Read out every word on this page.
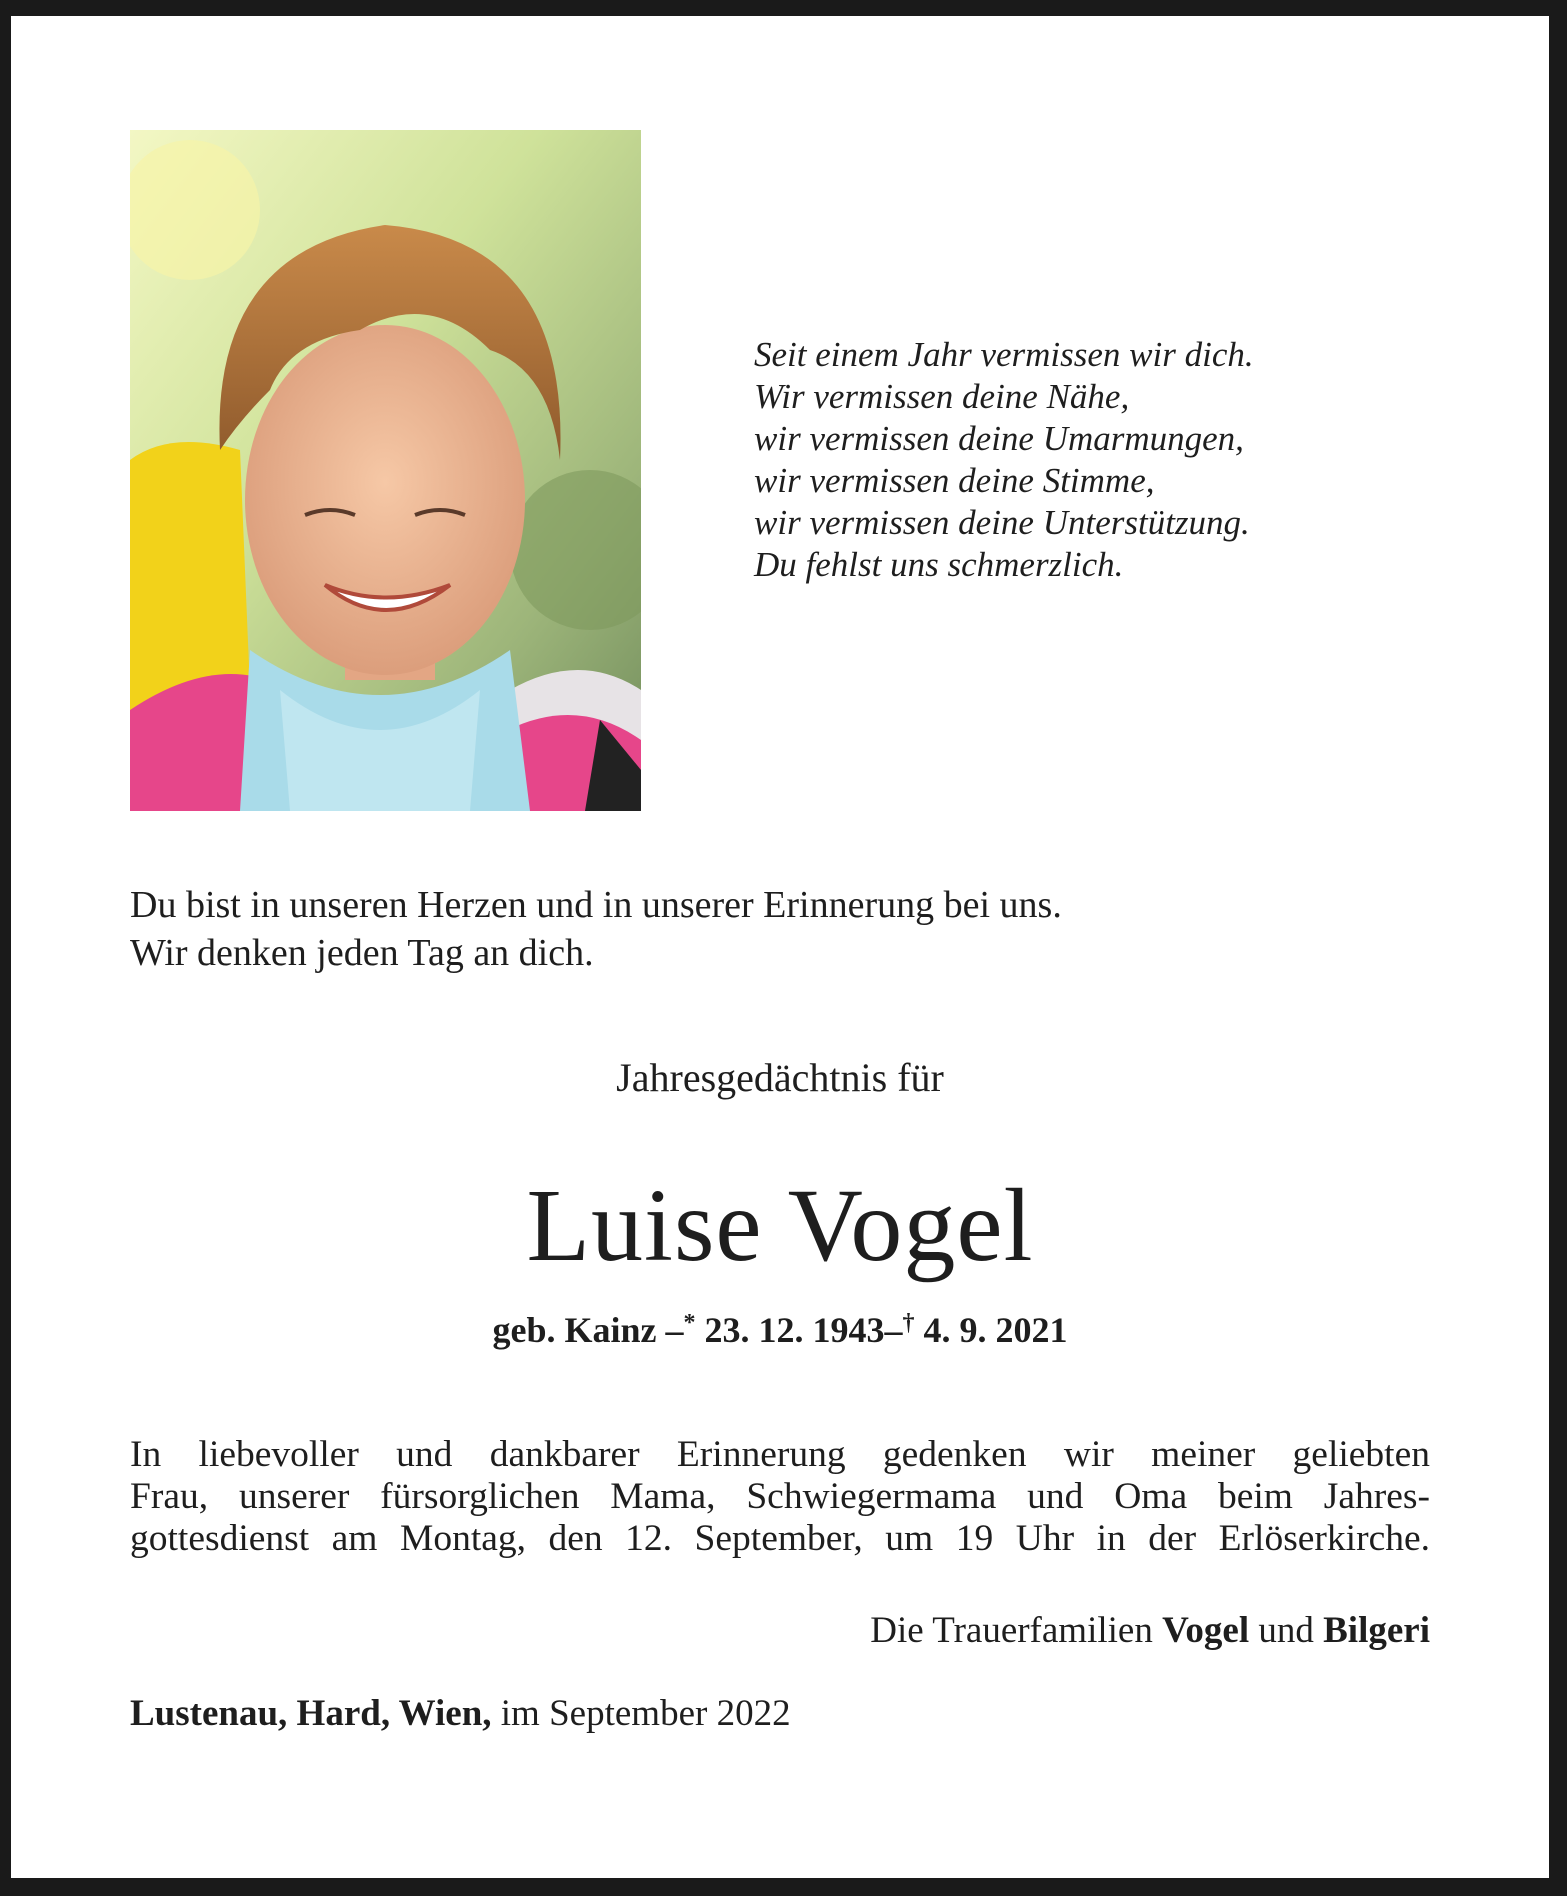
Seit einem Jahr vermissen wir dich.
Wir vermissen deine Nähe,
wir vermissen deine Umarmungen,
wir vermissen deine Stimme,
wir vermissen deine Unterstützung.
Du fehlst uns schmerzlich.
Du bist in unseren Herzen und in unserer Erinnerung bei uns.
Wir denken jeden Tag an dich.
Jahresgedächtnis für
Luise Vogel
geb. Kainz –* 23. 12. 1943–† 4. 9. 2021
In liebevoller und dankbarer Erinnerung gedenken wir meiner geliebten
Frau, unserer fürsorglichen Mama, Schwiegermama und Oma beim Jahres-
gottesdienst am Montag, den 12. September, um 19 Uhr in der Erlöserkirche.
Die Trauerfamilien Vogel und Bilgeri
Lustenau, Hard, Wien, im September 2022
